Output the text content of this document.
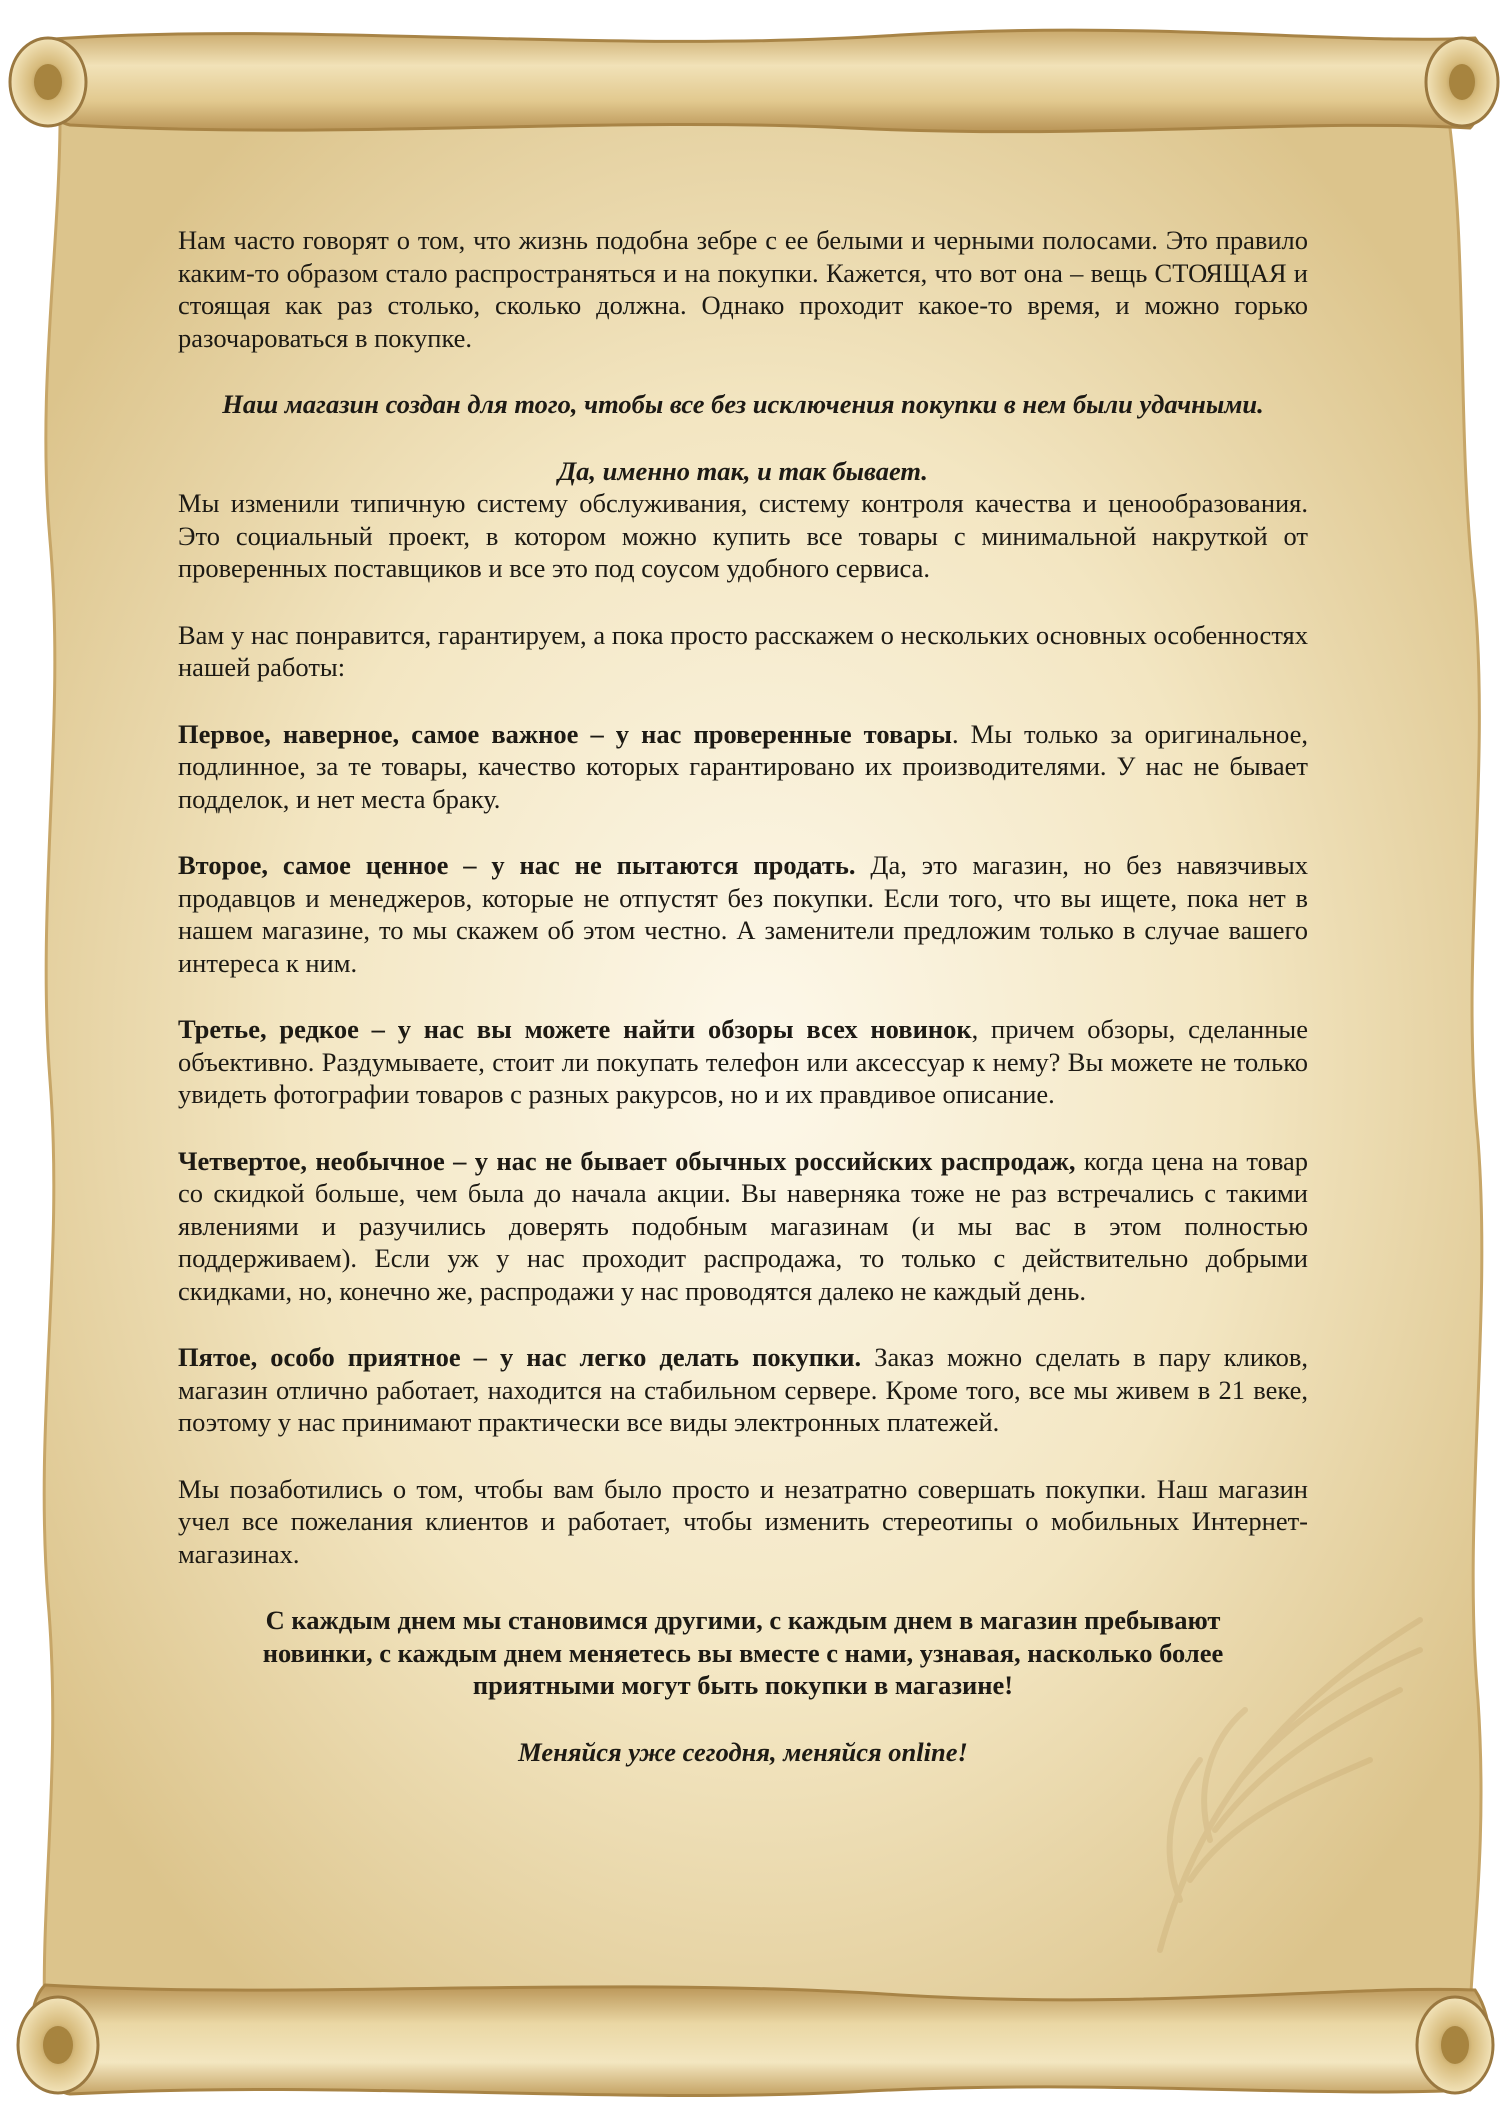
Нам часто говорят о том, что жизнь подобна зебре с ее белыми и черными полосами. Это правило каким-то образом стало распространяться и на покупки. Кажется, что вот она – вещь СТОЯЩАЯ и стоящая как раз столько, сколько должна. Однако проходит какое-то время, и можно горько разочароваться в покупке.

Наш магазин создан для того, чтобы все без исключения покупки в нем были удачными.

Да, именно так, и так бывает.

Мы изменили типичную систему обслуживания, систему контроля качества и ценообразования. Это социальный проект, в котором можно купить все товары с минимальной накруткой от проверенных поставщиков и все это под соусом удобного сервиса.

Вам у нас понравится, гарантируем, а пока просто расскажем о нескольких основных особенностях нашей работы:

Первое, наверное, самое важное – у нас проверенные товары. Мы только за оригинальное, подлинное, за те товары, качество которых гарантировано их производителями. У нас не бывает подделок, и нет места браку.

Второе, самое ценное – у нас не пытаются продать. Да, это магазин, но без навязчивых продавцов и менеджеров, которые не отпустят без покупки. Если того, что вы ищете, пока нет в нашем магазине, то мы скажем об этом честно. А заменители предложим только в случае вашего интереса к ним.

Третье, редкое – у нас вы можете найти обзоры всех новинок, причем обзоры, сделанные объективно. Раздумываете, стоит ли покупать телефон или аксессуар к нему? Вы можете не только увидеть фотографии товаров с разных ракурсов, но и их правдивое описание.

Четвертое, необычное – у нас не бывает обычных российских распродаж, когда цена на товар со скидкой больше, чем была до начала акции. Вы наверняка тоже не раз встречались с такими явлениями и разучились доверять подобным магазинам (и мы вас в этом полностью поддерживаем). Если уж у нас проходит распродажа, то только с действительно добрыми скидками, но, конечно же, распродажи у нас проводятся далеко не каждый день.

Пятое, особо приятное – у нас легко делать покупки. Заказ можно сделать в пару кликов, магазин отлично работает, находится на стабильном сервере. Кроме того, все мы живем в 21 веке, поэтому у нас принимают практически все виды электронных платежей.

Мы позаботились о том, чтобы вам было просто и незатратно совершать покупки. Наш магазин учел все пожелания клиентов и работает, чтобы изменить стереотипы о мобильных Интернет-магазинах.

С каждым днем мы становимся другими, с каждым днем в магазин пребывают новинки, с каждым днем меняетесь вы вместе с нами, узнавая, насколько более приятными могут быть покупки в магазине!

Меняйся уже сегодня, меняйся online!
